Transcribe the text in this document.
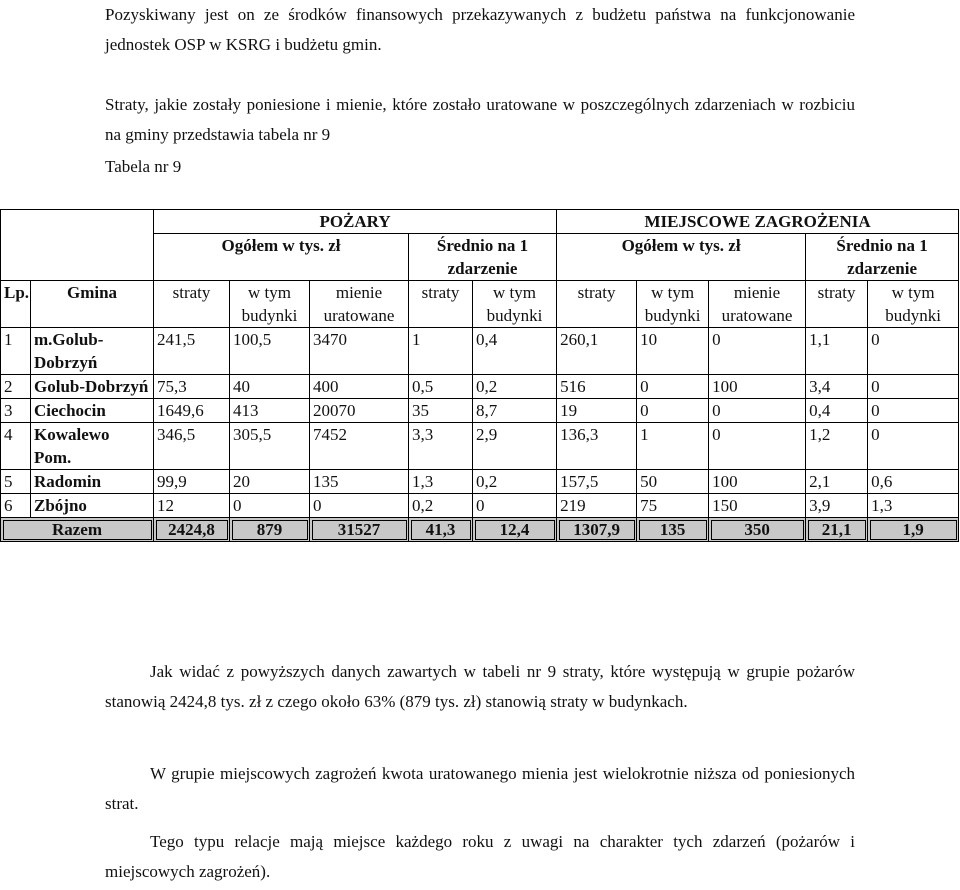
Pozyskiwany jest on ze środków finansowych przekazywanych z budżetu państwa na funkcjonowanie jednostek OSP w KSRG i budżetu gmin.

Straty, jakie zostały poniesione i mienie, które zostało uratowane w poszczególnych zdarzeniach w rozbiciu na gminy przedstawia tabela nr 9

Tabela nr 9

		POŻARY					MIEJSCOWE ZAGROŻENIA				
		Ogółem w tys. zł			Średnio na 1 zdarzenie		Ogółem w tys. zł			Średnio na 1 zdarzenie	
Lp.	Gmina	straty	w tym budynki	mienie uratowane	straty	w tym budynki	straty	w tym budynki	mienie uratowane	straty	w tym budynki
1	m.Golub-Dobrzyń	241,5	100,5	3470	1	0,4	260,1	10	0	1,1	0
2	Golub-Dobrzyń	75,3	40	400	0,5	0,2	516	0	100	3,4	0
3	Ciechocin	1649,6	413	20070	35	8,7	19	0	0	0,4	0
4	Kowalewo Pom.	346,5	305,5	7452	3,3	2,9	136,3	1	0	1,2	0
5	Radomin	99,9	20	135	1,3	0,2	157,5	50	100	2,1	0,6
6	Zbójno	12	0	0	0,2	0	219	75	150	3,9	1,3
Razem		2424,8	879	31527	41,3	12,4	1307,9	135	350	21,1	1,9

Jak widać z powyższych danych zawartych w tabeli nr 9 straty, które występują w grupie pożarów stanowią 2424,8 tys. zł z czego około 63% (879 tys. zł) stanowią straty w budynkach.

W grupie miejscowych zagrożeń kwota uratowanego mienia jest wielokrotnie niższa od poniesionych strat.

Tego typu relacje mają miejsce każdego roku z uwagi na charakter tych zdarzeń (pożarów i miejscowych zagrożeń).
